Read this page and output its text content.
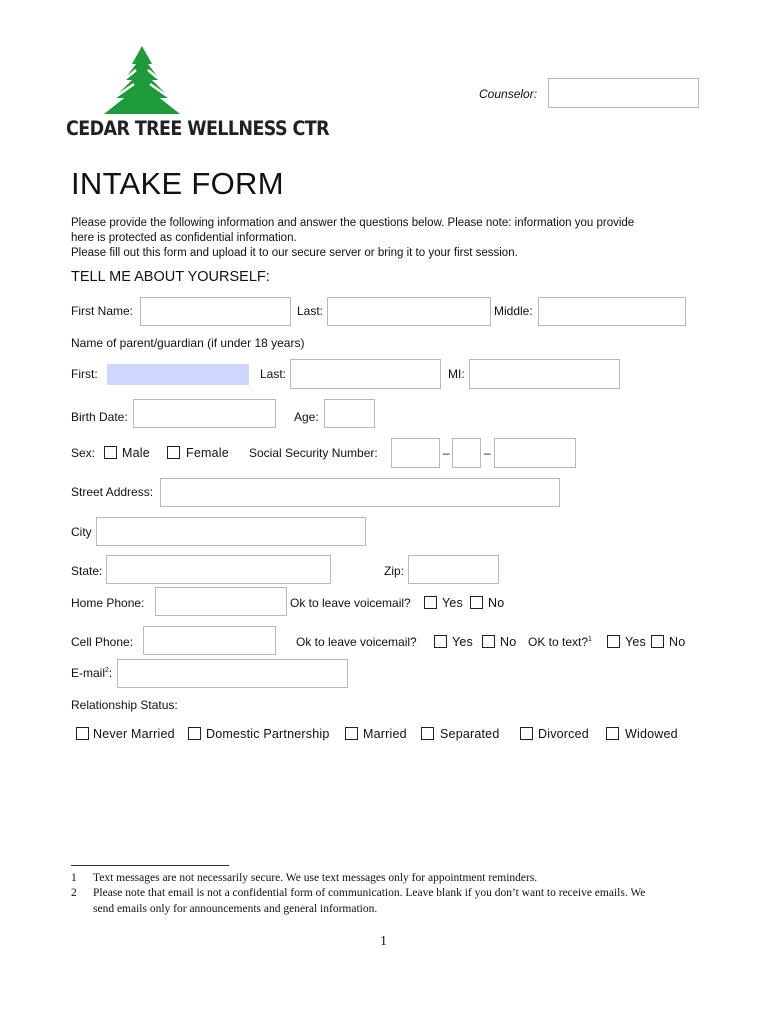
CEDAR TREE WELLNESS CTR
Counselor:
INTAKE FORM
Please provide the following information and answer the questions below. Please note: information you provide
here is protected as confidential information.
Please fill out this form and upload it to our secure server or bring it to your first session.
TELL ME ABOUT YOURSELF:
First Name:	Last:	Middle:
Name of parent/guardian (if under 18 years)
First:	Last:	MI:
Birth Date:	Age:
Sex: Male	Female Social Security Number:	–	–
Street Address:
City
State:	Zip:
Home Phone:	Ok to leave voicemail?	Yes No
Cell Phone:	Ok to leave voicemail?	Yes No OK to text?$^1$	Yes No
E-mail$^2$:
Relationship Status:
Never Married Domestic Partnership	Married	Separated	Divorced	Widowed
1 Text messages are not necessarily secure. We use text messages only for appointment reminders.
2 Please note that email is not a confidential form of communication. Leave blank if you don’t want to receive emails. We
send emails only for announcements and general information.
1
